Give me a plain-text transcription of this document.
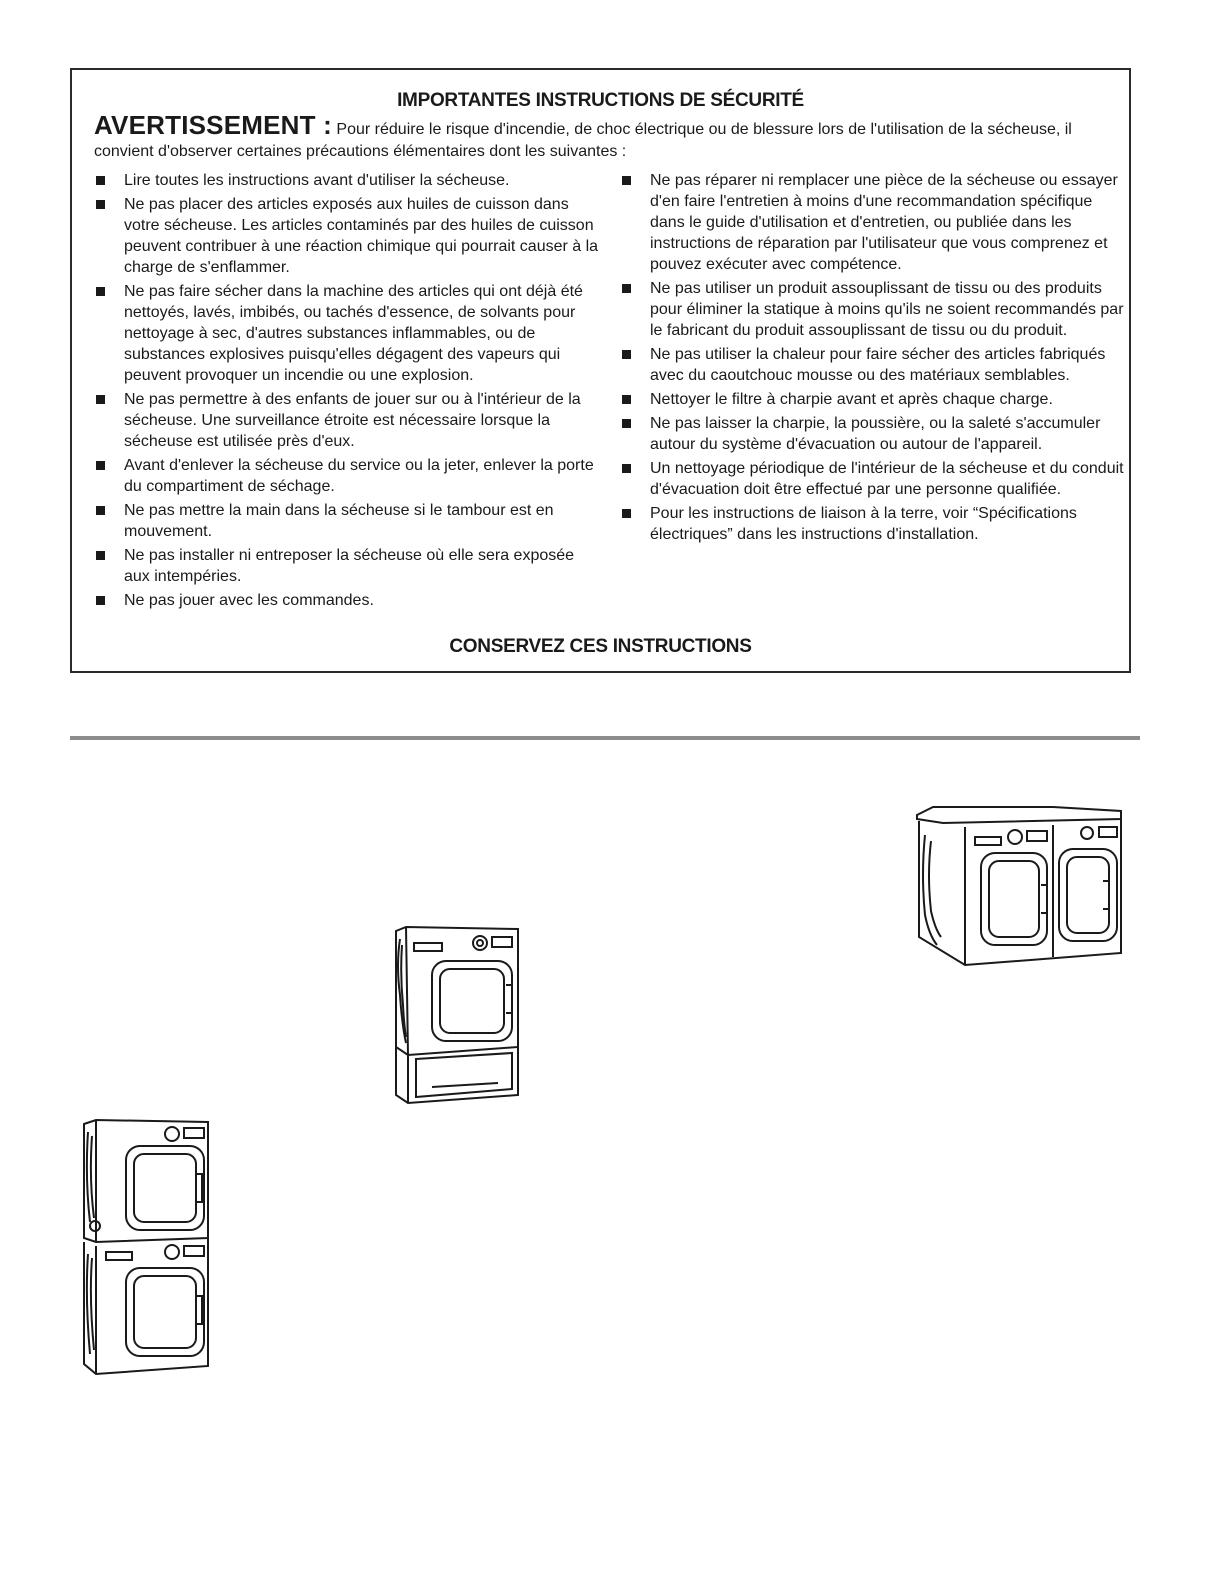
IMPORTANTES INSTRUCTIONS DE SÉCURITÉ
AVERTISSEMENT : Pour réduire le risque d'incendie, de choc électrique ou de blessure lors de l'utilisation de la sécheuse, il convient d'observer certaines précautions élémentaires dont les suivantes :
Lire toutes les instructions avant d'utiliser la sécheuse.
Ne pas placer des articles exposés aux huiles de cuisson dans votre sécheuse. Les articles contaminés par des huiles de cuisson peuvent contribuer à une réaction chimique qui pourrait causer à la charge de s'enflammer.
Ne pas faire sécher dans la machine des articles qui ont déjà été nettoyés, lavés, imbibés, ou tachés d'essence, de solvants pour nettoyage à sec, d'autres substances inflammables, ou de substances explosives puisqu'elles dégagent des vapeurs qui peuvent provoquer un incendie ou une explosion.
Ne pas permettre à des enfants de jouer sur ou à l'intérieur de la sécheuse. Une surveillance étroite est nécessaire lorsque la sécheuse est utilisée près d'eux.
Avant d'enlever la sécheuse du service ou la jeter, enlever la porte du compartiment de séchage.
Ne pas mettre la main dans la sécheuse si le tambour est en mouvement.
Ne pas installer ni entreposer la sécheuse où elle sera exposée aux intempéries.
Ne pas jouer avec les commandes.
Ne pas réparer ni remplacer une pièce de la sécheuse ou essayer d'en faire l'entretien à moins d'une recommandation spécifique dans le guide d'utilisation et d'entretien, ou publiée dans les instructions de réparation par l'utilisateur que vous comprenez et pouvez exécuter avec compétence.
Ne pas utiliser un produit assouplissant de tissu ou des produits pour éliminer la statique à moins qu'ils ne soient recommandés par le fabricant du produit assouplissant de tissu ou du produit.
Ne pas utiliser la chaleur pour faire sécher des articles fabriqués avec du caoutchouc mousse ou des matériaux semblables.
Nettoyer le filtre à charpie avant et après chaque charge.
Ne pas laisser la charpie, la poussière, ou la saleté s'accumuler autour du système d'évacuation ou autour de l'appareil.
Un nettoyage périodique de l'intérieur de la sécheuse et du conduit d'évacuation doit être effectué par une personne qualifiée.
Pour les instructions de liaison à la terre, voir “Spécifications électriques” dans les instructions d'installation.
CONSERVEZ CES INSTRUCTIONS
